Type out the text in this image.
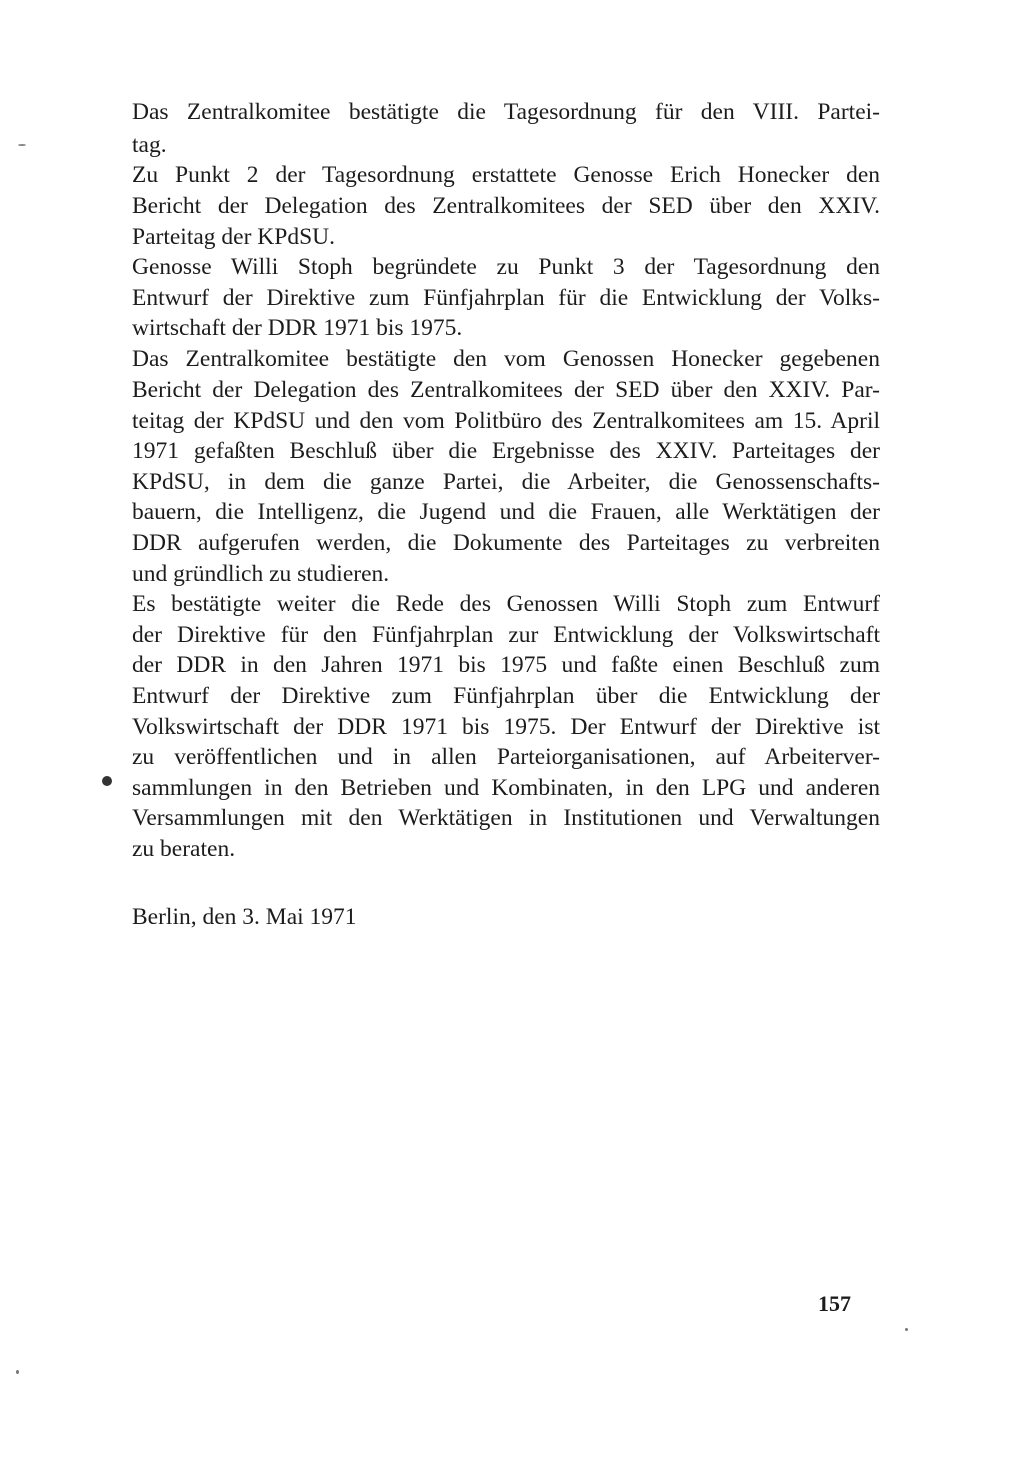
Das Zentralkomitee bestätigte die Tagesordnung für den VIII. Partei-
tag.
Zu Punkt 2 der Tagesordnung erstattete Genosse Erich Honecker den
Bericht der Delegation des Zentralkomitees der SED über den XXIV.
Parteitag der KPdSU.
Genosse Willi Stoph begründete zu Punkt 3 der Tagesordnung den
Entwurf der Direktive zum Fünfjahrplan für die Entwicklung der Volks-
wirtschaft der DDR 1971 bis 1975.
Das Zentralkomitee bestätigte den vom Genossen Honecker gegebenen
Bericht der Delegation des Zentralkomitees der SED über den XXIV. Par-
teitag der KPdSU und den vom Politbüro des Zentralkomitees am 15. April
1971 gefaßten Beschluß über die Ergebnisse des XXIV. Parteitages der
KPdSU, in dem die ganze Partei, die Arbeiter, die Genossenschafts-
bauern, die Intelligenz, die Jugend und die Frauen, alle Werktätigen der
DDR aufgerufen werden, die Dokumente des Parteitages zu verbreiten
und gründlich zu studieren.
Es bestätigte weiter die Rede des Genossen Willi Stoph zum Entwurf
der Direktive für den Fünfjahrplan zur Entwicklung der Volkswirtschaft
der DDR in den Jahren 1971 bis 1975 und faßte einen Beschluß zum
Entwurf der Direktive zum Fünfjahrplan über die Entwicklung der
Volkswirtschaft der DDR 1971 bis 1975. Der Entwurf der Direktive ist
zu veröffentlichen und in allen Parteiorganisationen, auf Arbeiterver-
sammlungen in den Betrieben und Kombinaten, in den LPG und anderen
Versammlungen mit den Werktätigen in Institutionen und Verwaltungen
zu beraten.
Berlin, den 3. Mai 1971
157
